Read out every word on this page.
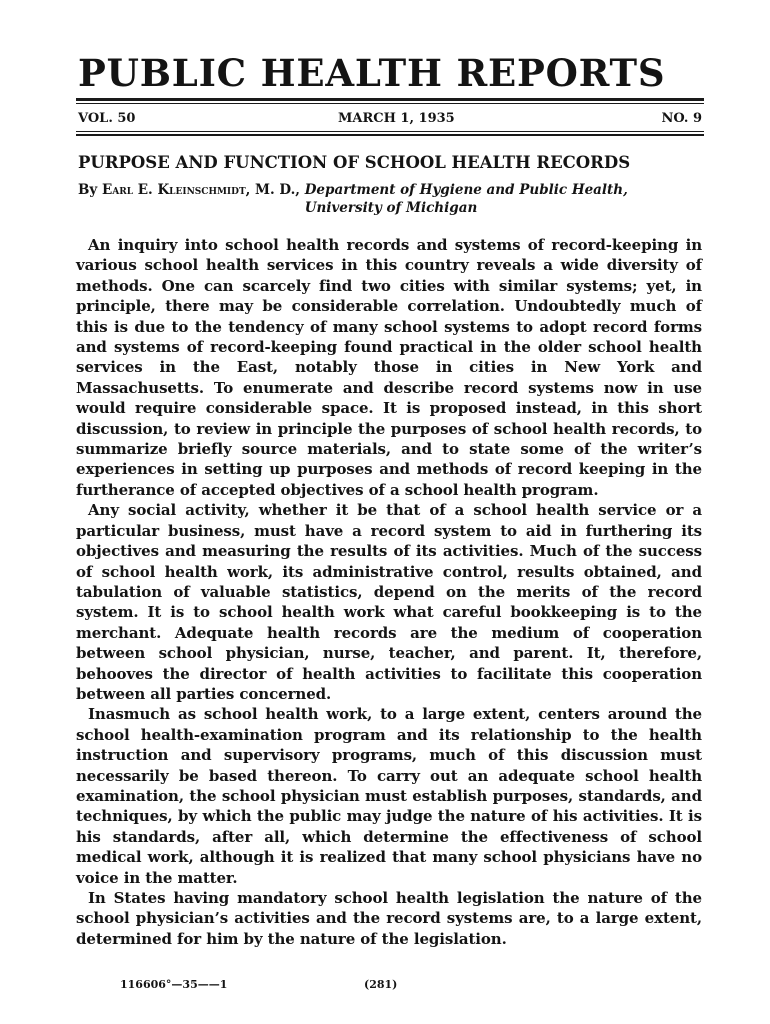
PUBLIC HEALTH REPORTS
VOL. 50	MARCH 1, 1935	NO. 9
PURPOSE AND FUNCTION OF SCHOOL HEALTH RECORDS
By Earl E. Kleinschmidt, M. D., Department of Hygiene and Public Health,
University of Michigan

An inquiry into school health records and systems of record-keeping in various school health services in this country reveals a wide diversity of methods. One can scarcely find two cities with similar systems; yet, in principle, there may be considerable correlation. Undoubtedly much of this is due to the tendency of many school systems to adopt record forms and systems of record-keeping found practical in the older school health services in the East, notably those in cities in New York and Massachusetts. To enumerate and describe record systems now in use would require considerable space. It is proposed instead, in this short discussion, to review in principle the purposes of school health records, to summarize briefly source materials, and to state some of the writer’s experiences in setting up purposes and methods of record keeping in the furtherance of accepted objectives of a school health program.

Any social activity, whether it be that of a school health service or a particular business, must have a record system to aid in furthering its objectives and measuring the results of its activities. Much of the success of school health work, its administrative control, results obtained, and tabulation of valuable statistics, depend on the merits of the record system. It is to school health work what careful bookkeeping is to the merchant. Adequate health records are the medium of cooperation between school physician, nurse, teacher, and parent. It, therefore, behooves the director of health activities to facilitate this cooperation between all parties concerned.

Inasmuch as school health work, to a large extent, centers around the school health-examination program and its relationship to the health instruction and supervisory programs, much of this discussion must necessarily be based thereon. To carry out an adequate school health examination, the school physician must establish purposes, standards, and techniques, by which the public may judge the nature of his activities. It is his standards, after all, which determine the effectiveness of school medical work, although it is realized that many school physicians have no voice in the matter.

In States having mandatory school health legislation the nature of the school physician’s activities and the record systems are, to a large extent, determined for him by the nature of the legislation.

116606°—35——1	(281)
